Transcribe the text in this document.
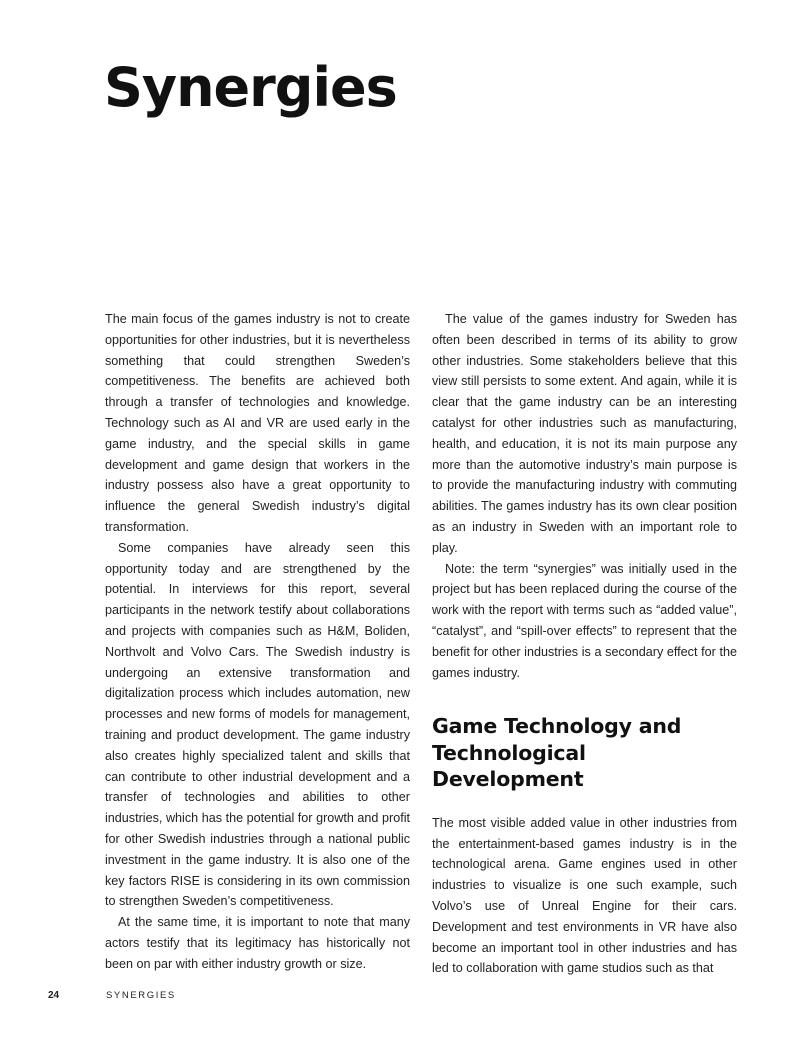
Synergies

The main focus of the games industry is not to create opportunities for other industries, but it is nevertheless something that could strengthen Sweden’s competitiveness. The benefits are achieved both through a transfer of technologies and knowledge. Technology such as AI and VR are used early in the game industry, and the special skills in game development and game design that workers in the industry possess also have a great opportunity to influence the general Swedish industry’s digital transformation.

Some companies have already seen this opportunity today and are strengthened by the potential. In interviews for this report, several participants in the network testify about collaborations and projects with companies such as H&M, Boliden, Northvolt and Volvo Cars. The Swedish industry is undergoing an extensive transformation and digitalization process which includes automation, new processes and new forms of models for management, training and product development. The game industry also creates highly specialized talent and skills that can contribute to other industrial development and a transfer of technologies and abilities to other industries, which has the potential for growth and profit for other Swedish industries through a national public investment in the game industry. It is also one of the key factors RISE is considering in its own commission to strengthen Sweden’s competitiveness.

At the same time, it is important to note that many actors testify that its legitimacy has historically not been on par with either industry growth or size.

The value of the games industry for Sweden has often been described in terms of its ability to grow other industries. Some stakeholders believe that this view still persists to some extent. And again, while it is clear that the game industry can be an interesting catalyst for other industries such as manufacturing, health, and education, it is not its main purpose any more than the automotive industry’s main purpose is to provide the manufacturing industry with commuting abilities. The games industry has its own clear position as an industry in Sweden with an important role to play.

Note: the term “synergies” was initially used in the project but has been replaced during the course of the work with the report with terms such as “added value”, “catalyst”, and “spill-over effects” to represent that the benefit for other industries is a secondary effect for the games industry.

Game Technology and Technological Development

The most visible added value in other industries from the entertainment-based games industry is in the technological arena. Game engines used in other industries to visualize is one such example, such Volvo’s use of Unreal Engine for their cars. Development and test environments in VR have also become an important tool in other industries and has led to collaboration with game studios such as that

24	SYNERGIES
